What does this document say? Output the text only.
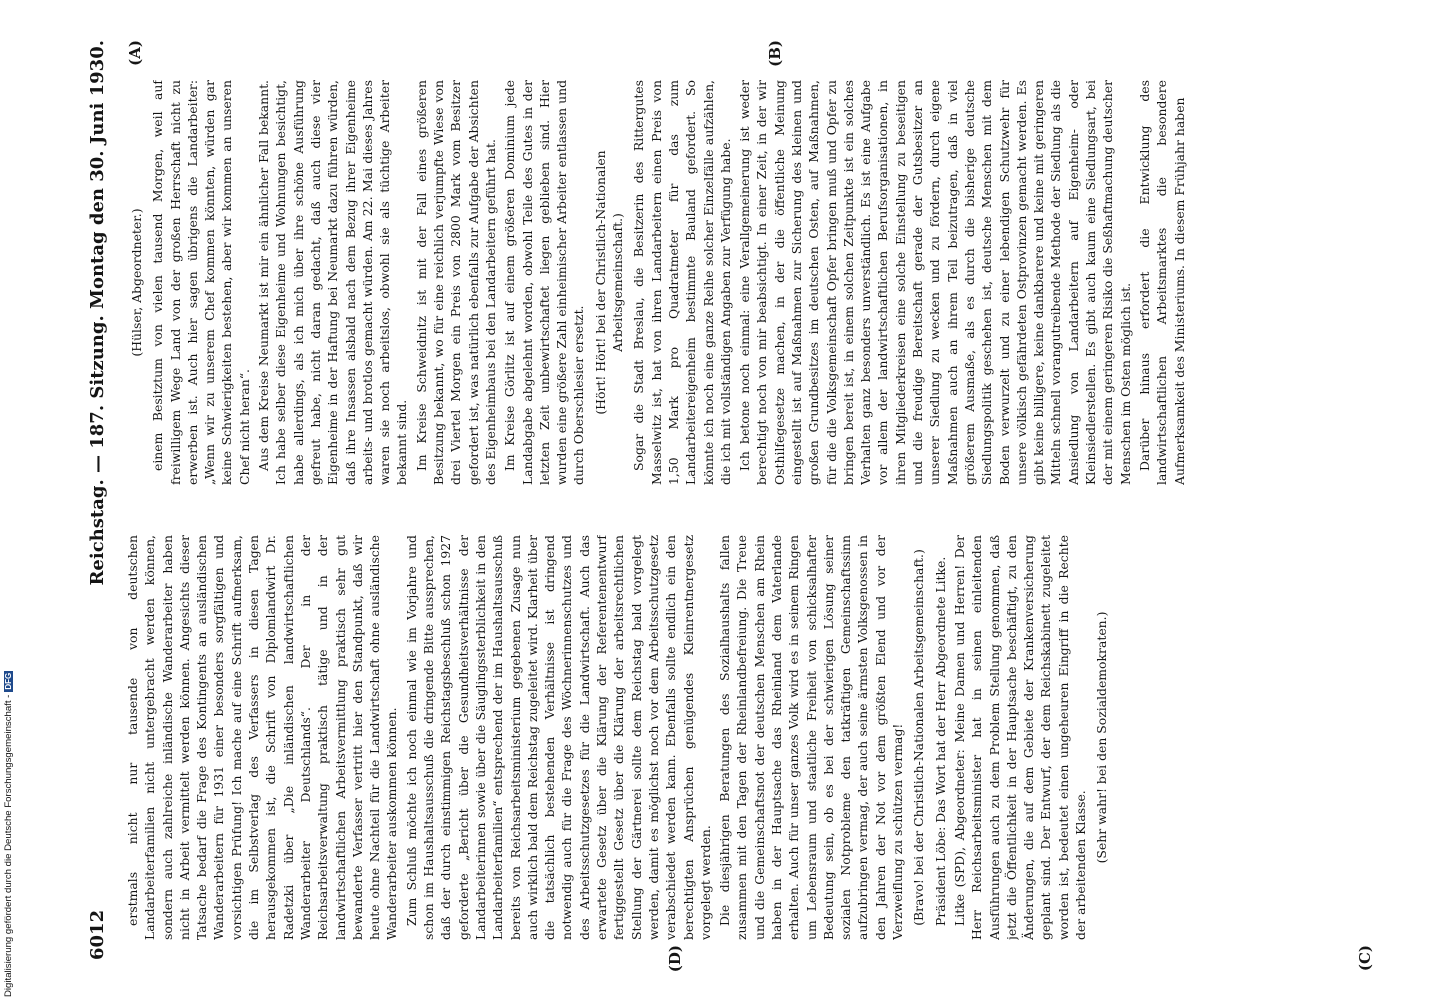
6012
Reichstag. — 187. Sitzung. Montag den 30. Juni 1930. (Hülser, Abgeordneter.) einem Besitztum von vielen tausend Morgen, weil auf freiwilligem Wege Land von der großen Herrschaft nicht zu erwerben ist. Auch hier sagen übrigens die Landarbeiter: „Wenn wir zu unserem Chef kommen könnten, würden gar keine Schwierigkeiten bestehen, aber wir kommen an unseren Chef nicht heran“. Aus dem Kreise Neumarkt ist mir ein ähnlicher Fall bekannt. Ich habe selber diese Eigenheime und Wohnungen besichtigt, habe allerdings, als ich mich über ihre schöne Ausführung gefreut habe, nicht daran gedacht, daß auch diese vier Eigenheime in der Haftung bei Neumarkt dazu führen würden, daß ihre Insassen alsbald nach dem Bezug ihrer Eigenheime arbeits- und brotlos gemacht würden. Am 22. Mai dieses Jahres waren sie noch arbeitslos, obwohl sie als tüchtige Arbeiter bekannt sind. Im Kreise Schweidnitz ist mit der Fall eines größeren Besitzung bekannt, wo für eine reichlich verjumpfte Wiese von drei Viertel Morgen ein Preis von 2800 Mark vom Besitzer gefordert ist, was natürlich ebenfalls zur Aufgabe der Absichten des Eigenheimbaus bei den Landarbeitern geführt hat. Im Kreise Görlitz ist auf einem größeren Dominium jede Landabgabe abgelehnt worden, obwohl Teile des Gutes in der letzten Zeit unbewirtschaftet liegen geblieben sind. Hier wurden eine größere Zahl einheimischer Arbeiter entlassen und durch Oberschlesier ersetzt. (Hört! Hört! bei der Christlich-Nationalen Arbeitsgemeinschaft.) Sogar die Stadt Breslau, die Besitzerin des Rittergutes Masselwitz ist, hat von ihren Landarbeitern einen Preis von 1,50 Mark pro Quadratmeter für das zum Landarbeitereigenheim bestimmte Bauland gefordert. So könnte ich noch eine ganze Reihe solcher Einzelfälle aufzählen, die ich mit vollständigen Angaben zur Verfügung habe. Ich betone noch einmal: eine Verallgemeinerung ist weder berechtigt noch von mir beabsichtigt. In einer Zeit, in der wir Osthilfegesetze machen, in der die öffentliche Meinung eingestellt ist auf Maßnahmen zur Sicherung des kleinen und großen Grundbesitzes im deutschen Osten, auf Maßnahmen, für die die Volksgemeinschaft Opfer bringen muß und Opfer zu bringen bereit ist, in einem solchen Zeitpunkte ist ein solches Verhalten ganz besonders unverständlich. Es ist eine Aufgabe vor allem der landwirtschaftlichen Berufsorganisationen, in ihren Mitgliederkreisen eine solche Einstellung zu beseitigen und die freudige Bereitschaft gerade der Gutsbesitzer an unserer Siedlung zu wecken und zu fördern, durch eigene Maßnahmen auch an ihrem Teil beizutragen, daß in viel größerem Ausmaße, als es durch die bisherige deutsche Siedlungspolitik geschehen ist, deutsche Menschen mit dem Boden verwurzelt und zu einer lebendigen Schutzwehr für unsere völkisch gefährdeten Ostprovinzen gemacht werden. Es gibt keine billigere, keine dankbarere und keine mit geringeren Mitteln schnell vorangutreibende Methode der Siedlung als die Ansiedlung von Landarbeitern auf Eigenheim- oder Kleinsiedlerstellen. Es gibt auch kaum eine Siedlungsart, bei der mit einem geringeren Risiko die Seßhaftmachung deutscher Menschen im Osten möglich ist. Darüber hinaus erfordert die Entwicklung des landwirtschaftlichen Arbeitsmarktes die besondere Aufmerksamkeit des Ministeriums. In diesem Frühjahr haben

erstmals nicht nur tausende von deutschen Landarbeiterfamilien nicht untergebracht werden können, sondern auch zahlreiche inländische Wanderarbeiter haben nicht in Arbeit vermittelt werden können. Angesichts dieser Tatsache bedarf die Frage des Kontingents an ausländischen Wanderarbeitern für 1931 einer besonders sorgfältigen und vorsichtigen Prüfung! Ich mache auf eine Schrift aufmerksam, die im Selbstverlag des Verfassers in diesen Tagen herausgekommen ist, die Schrift von Diplomlandwirt Dr. Radetzki über „Die inländischen landwirtschaftlichen Wanderarbeiter Deutschlands“. Der in der Reichsarbeitsverwaltung praktisch tätige und in der landwirtschaftlichen Arbeitsvermittlung praktisch sehr gut bewanderte Verfasser vertritt hier den Standpunkt, daß wir heute ohne Nachteil für die Landwirtschaft ohne ausländische Wanderarbeiter auskommen können. Zum Schluß möchte ich noch einmal wie im Vorjahre und schon im Haushaltsausschuß die dringende Bitte aussprechen, daß der durch einstimmigen Reichstagsbeschluß schon 1927 geforderte „Bericht über die Gesundheitsverhältnisse der Landarbeiterinnen sowie über die Säuglingssterblichkeit in den Landarbeiterfamilien“ entsprechend der im Haushaltsausschuß bereits von Reichsarbeitsministerium gegebenen Zusage nun auch wirklich bald dem Reichstag zugeleitet wird. Klarheit über die tatsächlich bestehenden Verhältnisse ist dringend notwendig auch für die Frage des Wöchnerinnenschutzes und des Arbeitsschutzgesetzes für die Landwirtschaft. Auch das erwartete Gesetz über die Klärung der Referentenentwurf fertiggestellt Gesetz über die Klärung der arbeitsrechtlichen Stellung der Gärtnerei sollte dem Reichstag bald vorgelegt werden, damit es möglichst noch vor dem Arbeitsschutzgesetz verabschiedet werden kann. Ebenfalls sollte endlich ein den berechtigten Ansprüchen genügendes Kleinrentnergesetz vorgelegt werden. Die diesjährigen Beratungen des Sozialhaushalts fallen zusammen mit den Tagen der Rheinlandbefreiung. Die Treue und die Gemeinschaftsnot der deutschen Menschen am Rhein haben in der Hauptsache das Rheinland dem Vaterlande erhalten. Auch für unser ganzes Volk wird es in seinem Ringen um Lebensraum und staatliche Freiheit von schicksalhafter Bedeutung sein, ob es bei der schwierigen Lösung seiner sozialen Notprobleme den tatkräftigen Gemeinschaftssinn aufzubringen vermag, der auch seine ärmsten Volksgenossen in den Jahren der Not vor dem größten Elend und vor der Verzweiflung zu schützen vermag! (Bravo! bei der Christlich-Nationalen Arbeitsgemeinschaft.) Präsident Löbe: Das Wort hat der Herr Abgeordnete Litke. Litke (SPD), Abgeordneter: Meine Damen und Herren! Der Herr Reichsarbeitsminister hat in seinen einleitenden Ausführungen auch zu dem Problem Stellung genommen, daß jetzt die Öffentlichkeit in der Hauptsache beschäftigt, zu den Änderungen, die auf dem Gebiete der Krankenversicherung geplant sind. Der Entwurf, der dem Reichskabinett zugeleitet worden ist, bedeutet einen ungeheuren Eingriff in die Rechte der arbeitenden Klasse.

(Sehr wahr! bei den Sozialdemokraten.)

(A)	(B)
(C)
(D)
Digitalisierung gefördert durch die Deutsche Forschungsgemeinschaft -DFG
